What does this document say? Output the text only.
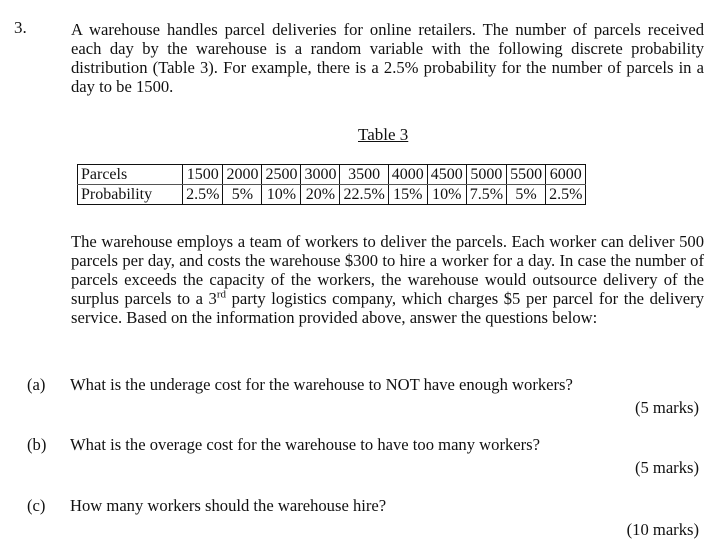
3.	A warehouse handles parcel deliveries for online retailers. The number of parcels received each day by the warehouse is a random variable with the following discrete probability distribution (Table 3). For example, there is a 2.5% probability for the number of parcels in a day to be 1500.
Table 3
Parcels	1500	2000	2500	3000	3500	4000	4500	5000	5500	6000
Probability	2.5%	5%	10%	20%	22.5%	15%	10%	7.5%	5%	2.5%
The warehouse employs a team of workers to deliver the parcels. Each worker can deliver 500 parcels per day, and costs the warehouse $300 to hire a worker for a day. In case the number of parcels exceeds the capacity of the workers, the warehouse would outsource delivery of the surplus parcels to a 3rd party logistics company, which charges $5 per parcel for the delivery service. Based on the information provided above, answer the questions below:
(a) What is the underage cost for the warehouse to NOT have enough workers?
(5 marks)
(b) What is the overage cost for the warehouse to have too many workers?
(5 marks)
(c) How many workers should the warehouse hire?
(10 marks)
